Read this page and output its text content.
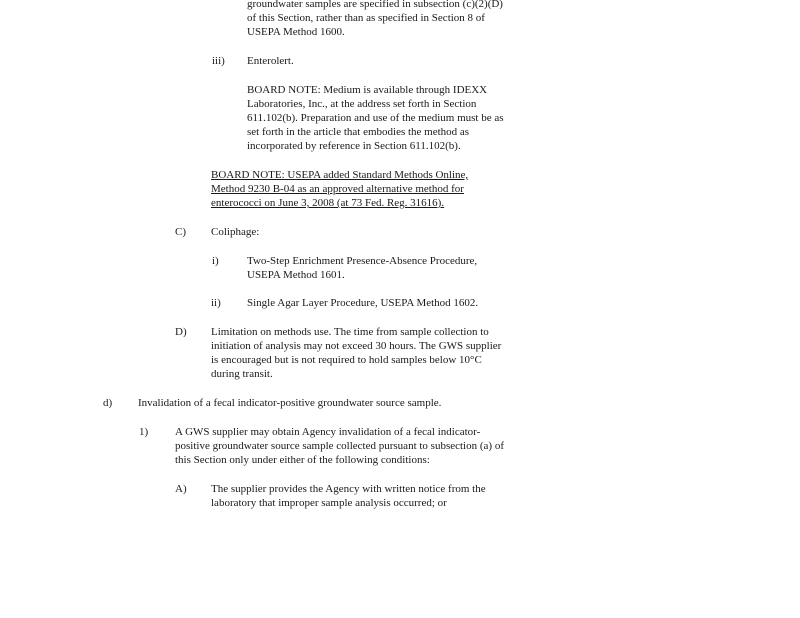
groundwater samples are specified in subsection (c)(2)(D)
of this Section, rather than as specified in Section 8 of
USEPA Method 1600.
iii) Enterolert.
BOARD NOTE: Medium is available through IDEXX
Laboratories, Inc., at the address set forth in Section
611.102(b). Preparation and use of the medium must be as
set forth in the article that embodies the method as
incorporated by reference in Section 611.102(b).
BOARD NOTE: USEPA added Standard Methods Online,
Method 9230 B-04 as an approved alternative method for
enterococci on June 3, 2008 (at 73 Fed. Reg. 31616).
C) Coliphage:
i)	Two-Step Enrichment Presence-Absence Procedure,
USEPA Method 1601.
ii) Single Agar Layer Procedure, USEPA Method 1602.
D) Limitation on methods use. The time from sample collection to
initiation of analysis may not exceed 30 hours. The GWS supplier
is encouraged but is not required to hold samples below 10°C
during transit.
d) Invalidation of a fecal indicator-positive groundwater source sample.
1) A GWS supplier may obtain Agency invalidation of a fecal indicator-
positive groundwater source sample collected pursuant to subsection (a) of
this Section only under either of the following conditions:
A) The supplier provides the Agency with written notice from the
laboratory that improper sample analysis occurred; or
